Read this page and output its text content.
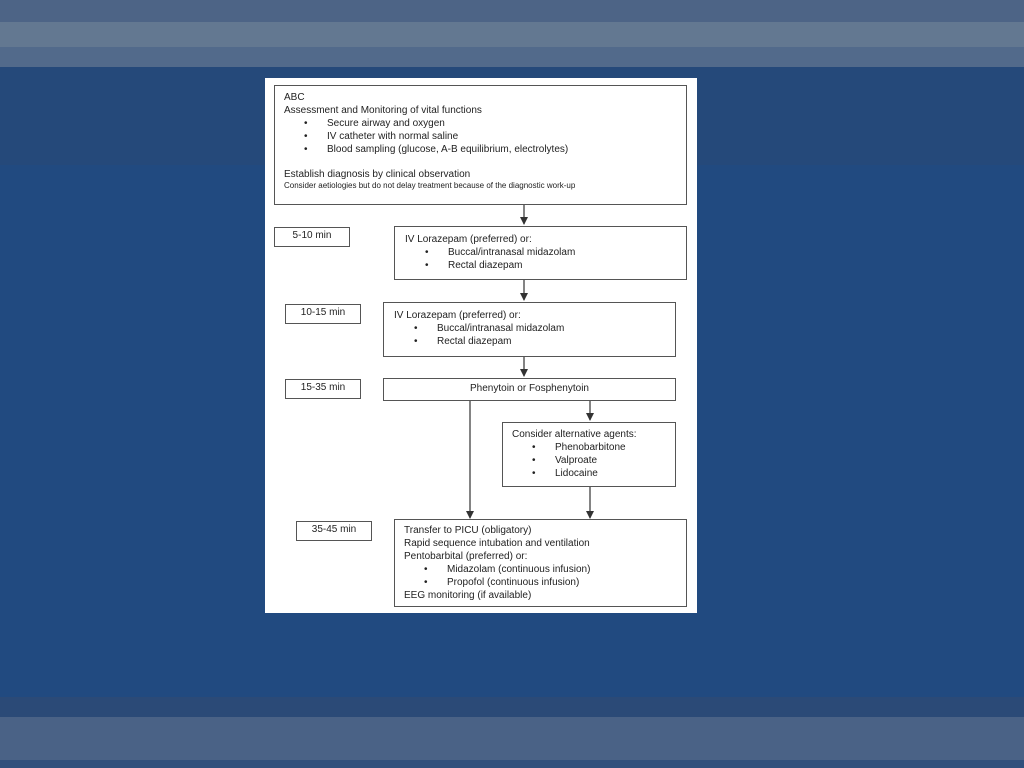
ABC
Assessment and Monitoring of vital functions
• Secure airway and oxygen
• IV catheter with normal saline
• Blood sampling (glucose, A-B equilibrium, electrolytes)
Establish diagnosis by clinical observation
Consider aetiologies but do not delay treatment because of the diagnostic work-up
5-10 min	IV Lorazepam (preferred) or:
• Buccal/intranasal midazolam
• Rectal diazepam
10-15 min	IV Lorazepam (preferred) or:
• Buccal/intranasal midazolam
• Rectal diazepam
15-35 min	Phenytoin or Fosphenytoin
Consider alternative agents:
• Phenobarbitone
• Valproate
• Lidocaine
35-45 min	Transfer to PICU (obligatory)
Rapid sequence intubation and ventilation
Pentobarbital (preferred) or:
• Midazolam (continuous infusion)
• Propofol (continuous infusion)
EEG monitoring (if available)
